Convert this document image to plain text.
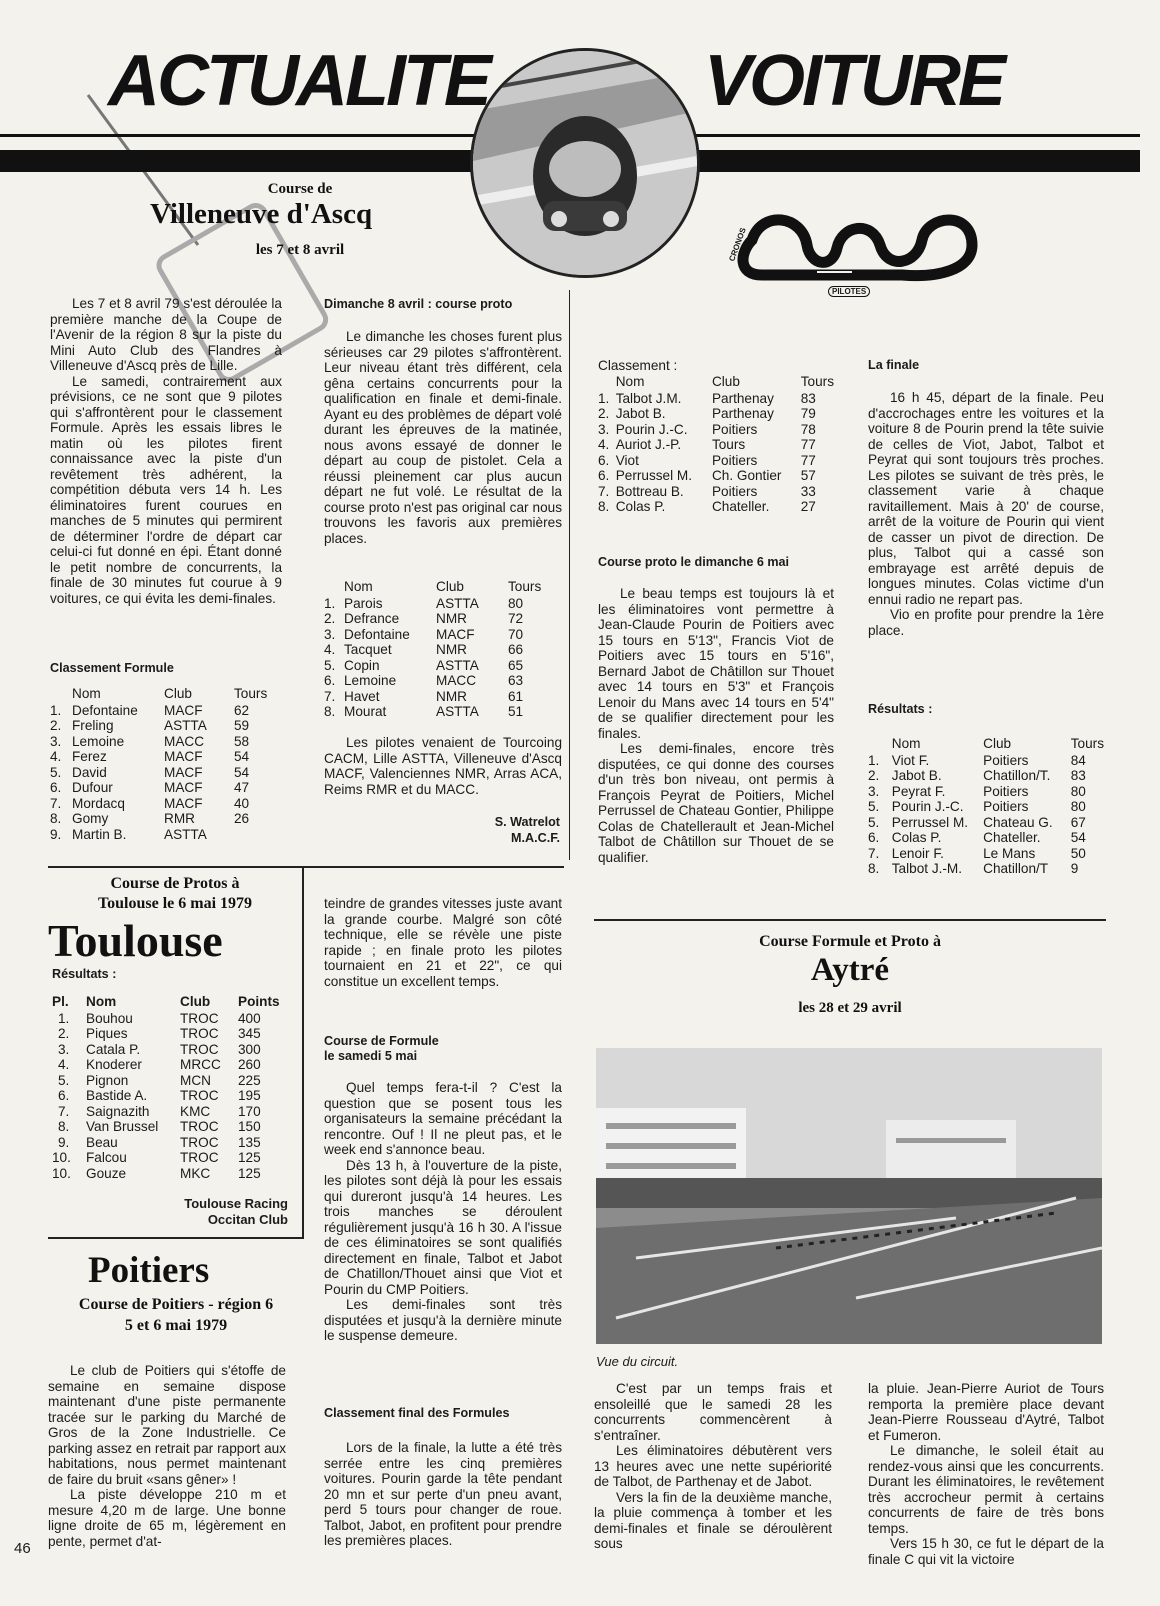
ACTUALITE	VOITURE
CRONOS
PILOTES
Course de
Villeneuve d'Ascq
les 7 et 8 avril

Les 7 et 8 avril 79 s'est déroulée la première manche de la Coupe de l'Avenir de la région 8 sur la piste du Mini Auto Club des Flandres à Villeneuve d'Ascq près de Lille.

Le samedi, contrairement aux prévisions, ce ne sont que 9 pilotes qui s'affrontèrent pour le classement Formule. Après les essais libres le matin où les pilotes firent connaissance avec la piste d'un revêtement très adhérent, la compétition débuta vers 14 h. Les éliminatoires furent courues en manches de 5 minutes qui permirent de déterminer l'ordre de départ car celui-ci fut donné en épi. Étant donné le petit nombre de concurrents, la finale de 30 minutes fut courue à 9 voitures, ce qui évita les demi-finales.

Classement Formule
	Nom	Club	Tours
1.	Defontaine	MACF	62
2.	Freling	ASTTA	59
3.	Lemoine	MACC	58
4.	Ferez	MACF	54
5.	David	MACF	54
6.	Dufour	MACF	47
7.	Mordacq	MACF	40
8.	Gomy	RMR	26
9.	Martin B.	ASTTA	
Dimanche 8 avril : course proto

Le dimanche les choses furent plus sérieuses car 29 pilotes s'affrontèrent. Leur niveau étant très différent, cela gêna certains concurrents pour la qualification en finale et demi-finale. Ayant eu des problèmes de départ volé durant les épreuves de la matinée, nous avons essayé de donner le départ au coup de pistolet. Cela a réussi pleinement car plus aucun départ ne fut volé. Le résultat de la course proto n'est pas original car nous trouvons les favoris aux premières places.

	Nom	Club	Tours
1.	Parois	ASTTA	80
2.	Defrance	NMR	72
3.	Defontaine	MACF	70
4.	Tacquet	NMR	66
5.	Copin	ASTTA	65
6.	Lemoine	MACC	63
7.	Havet	NMR	61
8.	Mourat	ASTTA	51

Les pilotes venaient de Tourcoing CACM, Lille ASTTA, Villeneuve d'Ascq MACF, Valenciennes NMR, Arras ACA, Reims RMR et du MACC.

S. Watrelot
M.A.C.F.
Classement :
	Nom	Club	Tours
1.	Talbot J.M.	Parthenay	83
2.	Jabot B.	Parthenay	79
3.	Pourin J.-C.	Poitiers	78
4.	Auriot J.-P.	Tours	77
6.	Viot	Poitiers	77
6.	Perrussel M.	Ch. Gontier	57
7.	Bottreau B.	Poitiers	33
8.	Colas P.	Chateller.	27
Course proto le dimanche 6 mai

Le beau temps est toujours là et les éliminatoires vont permettre à Jean-Claude Pourin de Poitiers avec 15 tours en 5'13", Francis Viot de Poitiers avec 15 tours en 5'16", Bernard Jabot de Châtillon sur Thouet avec 14 tours en 5'3" et François Lenoir du Mans avec 14 tours en 5'4" de se qualifier directement pour les finales.

Les demi-finales, encore très disputées, ce qui donne des courses d'un très bon niveau, ont permis à François Peyrat de Poitiers, Michel Perrussel de Chateau Gontier, Philippe Colas de Chatellerault et Jean-Michel Talbot de Châtillon sur Thouet de se qualifier.

La finale

16 h 45, départ de la finale. Peu d'accrochages entre les voitures et la voiture 8 de Pourin prend la tête suivie de celles de Viot, Jabot, Talbot et Peyrat qui sont toujours très proches. Les pilotes se suivant de très près, le classement varie à chaque ravitaillement. Mais à 20' de course, arrêt de la voiture de Pourin qui vient de casser un pivot de direction. De plus, Talbot qui a cassé son embrayage est arrêté depuis de longues minutes. Colas victime d'un ennui radio ne repart pas.

Vio en profite pour prendre la 1ère place.

Résultats :
	Nom	Club	Tours
1.	Viot F.	Poitiers	84
2.	Jabot B.	Chatillon/T.	83
3.	Peyrat F.	Poitiers	80
5.	Pourin J.-C.	Poitiers	80
5.	Perrussel M.	Chateau G.	67
6.	Colas P.	Chateller.	54
7.	Lenoir F.	Le Mans	50
8.	Talbot J.-M.	Chatillon/T	9
Course de Protos à
Toulouse le 6 mai 1979
Toulouse
Résultats :
Pl.	Nom	Club	Points
1.	Bouhou	TROC	400
2.	Piques	TROC	345
3.	Catala P.	TROC	300
4.	Knoderer	MRCC	260
5.	Pignon	MCN	225
6.	Bastide A.	TROC	195
7.	Saignazith	KMC	170
8.	Van Brussel	TROC	150
9.	Beau	TROC	135
10.	Falcou	TROC	125
10.	Gouze	MKC	125
Toulouse Racing
Occitan Club
Poitiers
Course de Poitiers - région 6
5 et 6 mai 1979

Le club de Poitiers qui s'étoffe de semaine en semaine dispose maintenant d'une piste permanente tracée sur le parking du Marché de Gros de la Zone Industrielle. Ce parking assez en retrait par rapport aux habitations, nous permet maintenant de faire du bruit «sans gêner» !

La piste développe 210 m et mesure 4,20 m de large. Une bonne ligne droite de 65 m, légèrement en pente, permet d'at-

teindre de grandes vitesses juste avant la grande courbe. Malgré son côté technique, elle se révèle une piste rapide ; en finale proto les pilotes tournaient en 21 et 22", ce qui constitue un excellent temps.

Course de Formule
le samedi 5 mai

Quel temps fera-t-il ? C'est la question que se posent tous les organisateurs la semaine précédant la rencontre. Ouf ! Il ne pleut pas, et le week end s'annonce beau.

Dès 13 h, à l'ouverture de la piste, les pilotes sont déjà là pour les essais qui dureront jusqu'à 14 heures. Les trois manches se déroulent régulièrement jusqu'à 16 h 30. A l'issue de ces éliminatoires se sont qualifiés directement en finale, Talbot et Jabot de Chatillon/Thouet ainsi que Viot et Pourin du CMP Poitiers.

Les demi-finales sont très disputées et jusqu'à la dernière minute le suspense demeure.

Classement final des Formules

Lors de la finale, la lutte a été très serrée entre les cinq premières voitures. Pourin garde la tête pendant 20 mn et sur perte d'un pneu avant, perd 5 tours pour changer de roue. Talbot, Jabot, en profitent pour prendre les premières places.

Course Formule et Proto à
Aytré
les 28 et 29 avril
Vue du circuit.

C'est par un temps frais et ensoleillé que le samedi 28 les concurrents commencèrent à s'entraîner.

Les éliminatoires débutèrent vers 13 heures avec une nette supériorité de Talbot, de Parthenay et de Jabot.

Vers la fin de la deuxième manche, la pluie commença à tomber et les demi-finales et finale se déroulèrent sous

la pluie. Jean-Pierre Auriot de Tours remporta la première place devant Jean-Pierre Rousseau d'Aytré, Talbot et Fumeron.

Le dimanche, le soleil était au rendez-vous ainsi que les concurrents. Durant les éliminatoires, le revêtement très accrocheur permit à certains concurrents de faire de très bons temps.

Vers 15 h 30, ce fut le départ de la finale C qui vit la victoire

46
